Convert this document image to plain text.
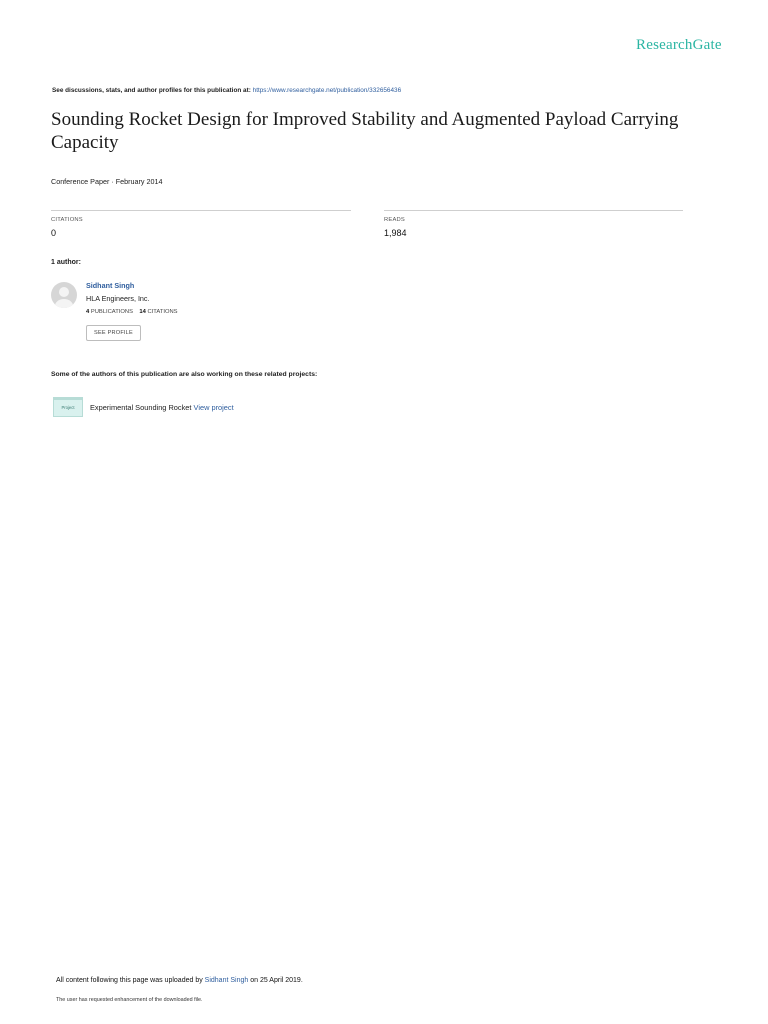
ResearchGate
See discussions, stats, and author profiles for this publication at: https://www.researchgate.net/publication/332656436
Sounding Rocket Design for Improved Stability and Augmented Payload Carrying Capacity
Conference Paper · February 2014
CITATIONS
0
READS
1,984
1 author:
Sidhant Singh
HLA Engineers, Inc.
4 PUBLICATIONS 14 CITATIONS
SEE PROFILE
Some of the authors of this publication are also working on these related projects:
Project	Experimental Sounding Rocket View project
All content following this page was uploaded by Sidhant Singh on 25 April 2019.
The user has requested enhancement of the downloaded file.
